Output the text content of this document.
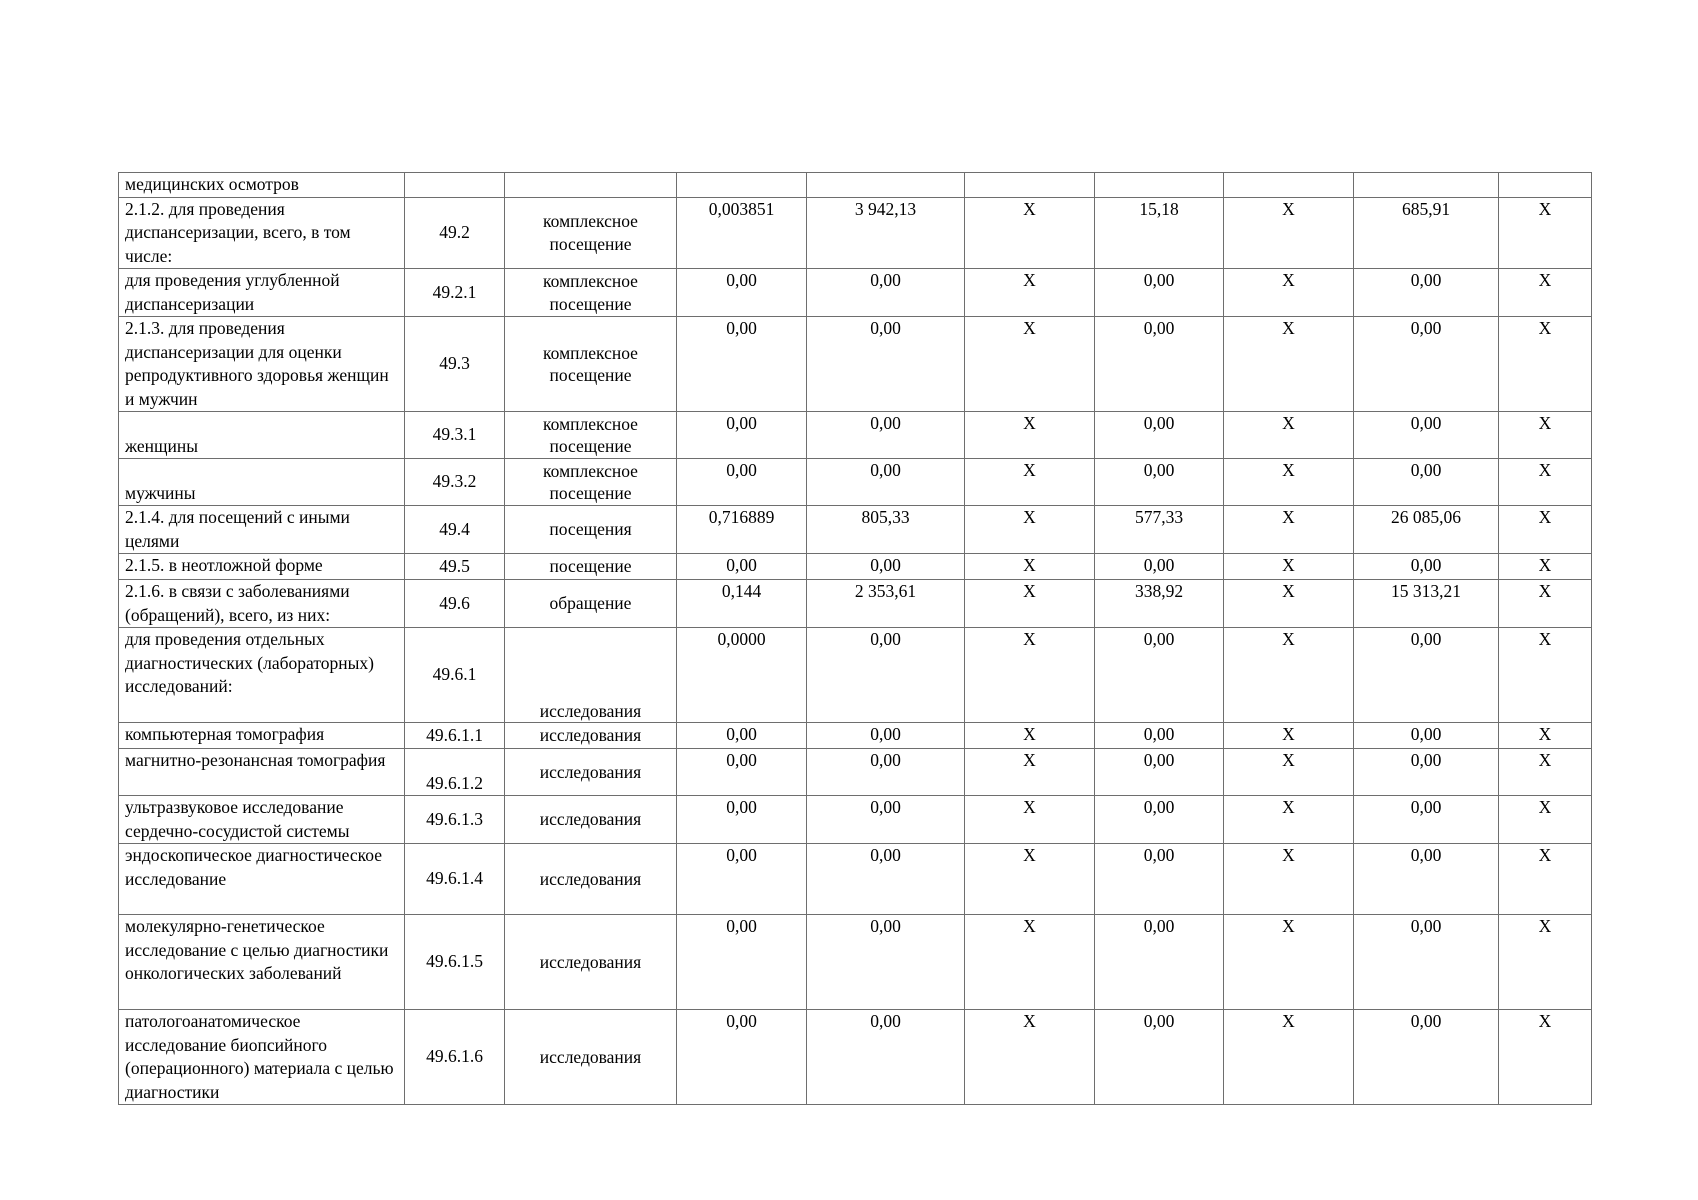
медицинских осмотров									
2.1.2. для проведения диспансеризации, всего, в том числе:	49.2	комплексное посещение	0,003851	3 942,13	X	15,18	X	685,91	X
для проведения углубленной диспансеризации	49.2.1	комплексное посещение	0,00	0,00	X	0,00	X	0,00	X
2.1.3. для проведения диспансеризации для оценки репродуктивного здоровья женщин и мужчин	49.3	комплексное посещение	0,00	0,00	X	0,00	X	0,00	X
женщины	49.3.1	комплексное посещение	0,00	0,00	X	0,00	X	0,00	X
мужчины	49.3.2	комплексное посещение	0,00	0,00	X	0,00	X	0,00	X
2.1.4. для посещений с иными целями	49.4	посещения	0,716889	805,33	X	577,33	X	26 085,06	X
2.1.5. в неотложной форме	49.5	посещение	0,00	0,00	X	0,00	X	0,00	X
2.1.6. в связи с заболеваниями (обращений), всего, из них:	49.6	обращение	0,144	2 353,61	X	338,92	X	15 313,21	X
для проведения отдельных диагностических (лабораторных) исследований:	49.6.1	исследования	0,0000	0,00	X	0,00	X	0,00	X
компьютерная томография	49.6.1.1	исследования	0,00	0,00	X	0,00	X	0,00	X
магнитно-резонансная томография	49.6.1.2	исследования	0,00	0,00	X	0,00	X	0,00	X
ультразвуковое исследование сердечно-сосудистой системы	49.6.1.3	исследования	0,00	0,00	X	0,00	X	0,00	X
эндоскопическое диагностическое исследование	49.6.1.4	исследования	0,00	0,00	X	0,00	X	0,00	X
молекулярно-генетическое исследование с целью диагностики онкологических заболеваний	49.6.1.5	исследования	0,00	0,00	X	0,00	X	0,00	X
патологоанатомическое исследование биопсийного (операционного) материала с целью диагностики	49.6.1.6	исследования	0,00	0,00	X	0,00	X	0,00	X
